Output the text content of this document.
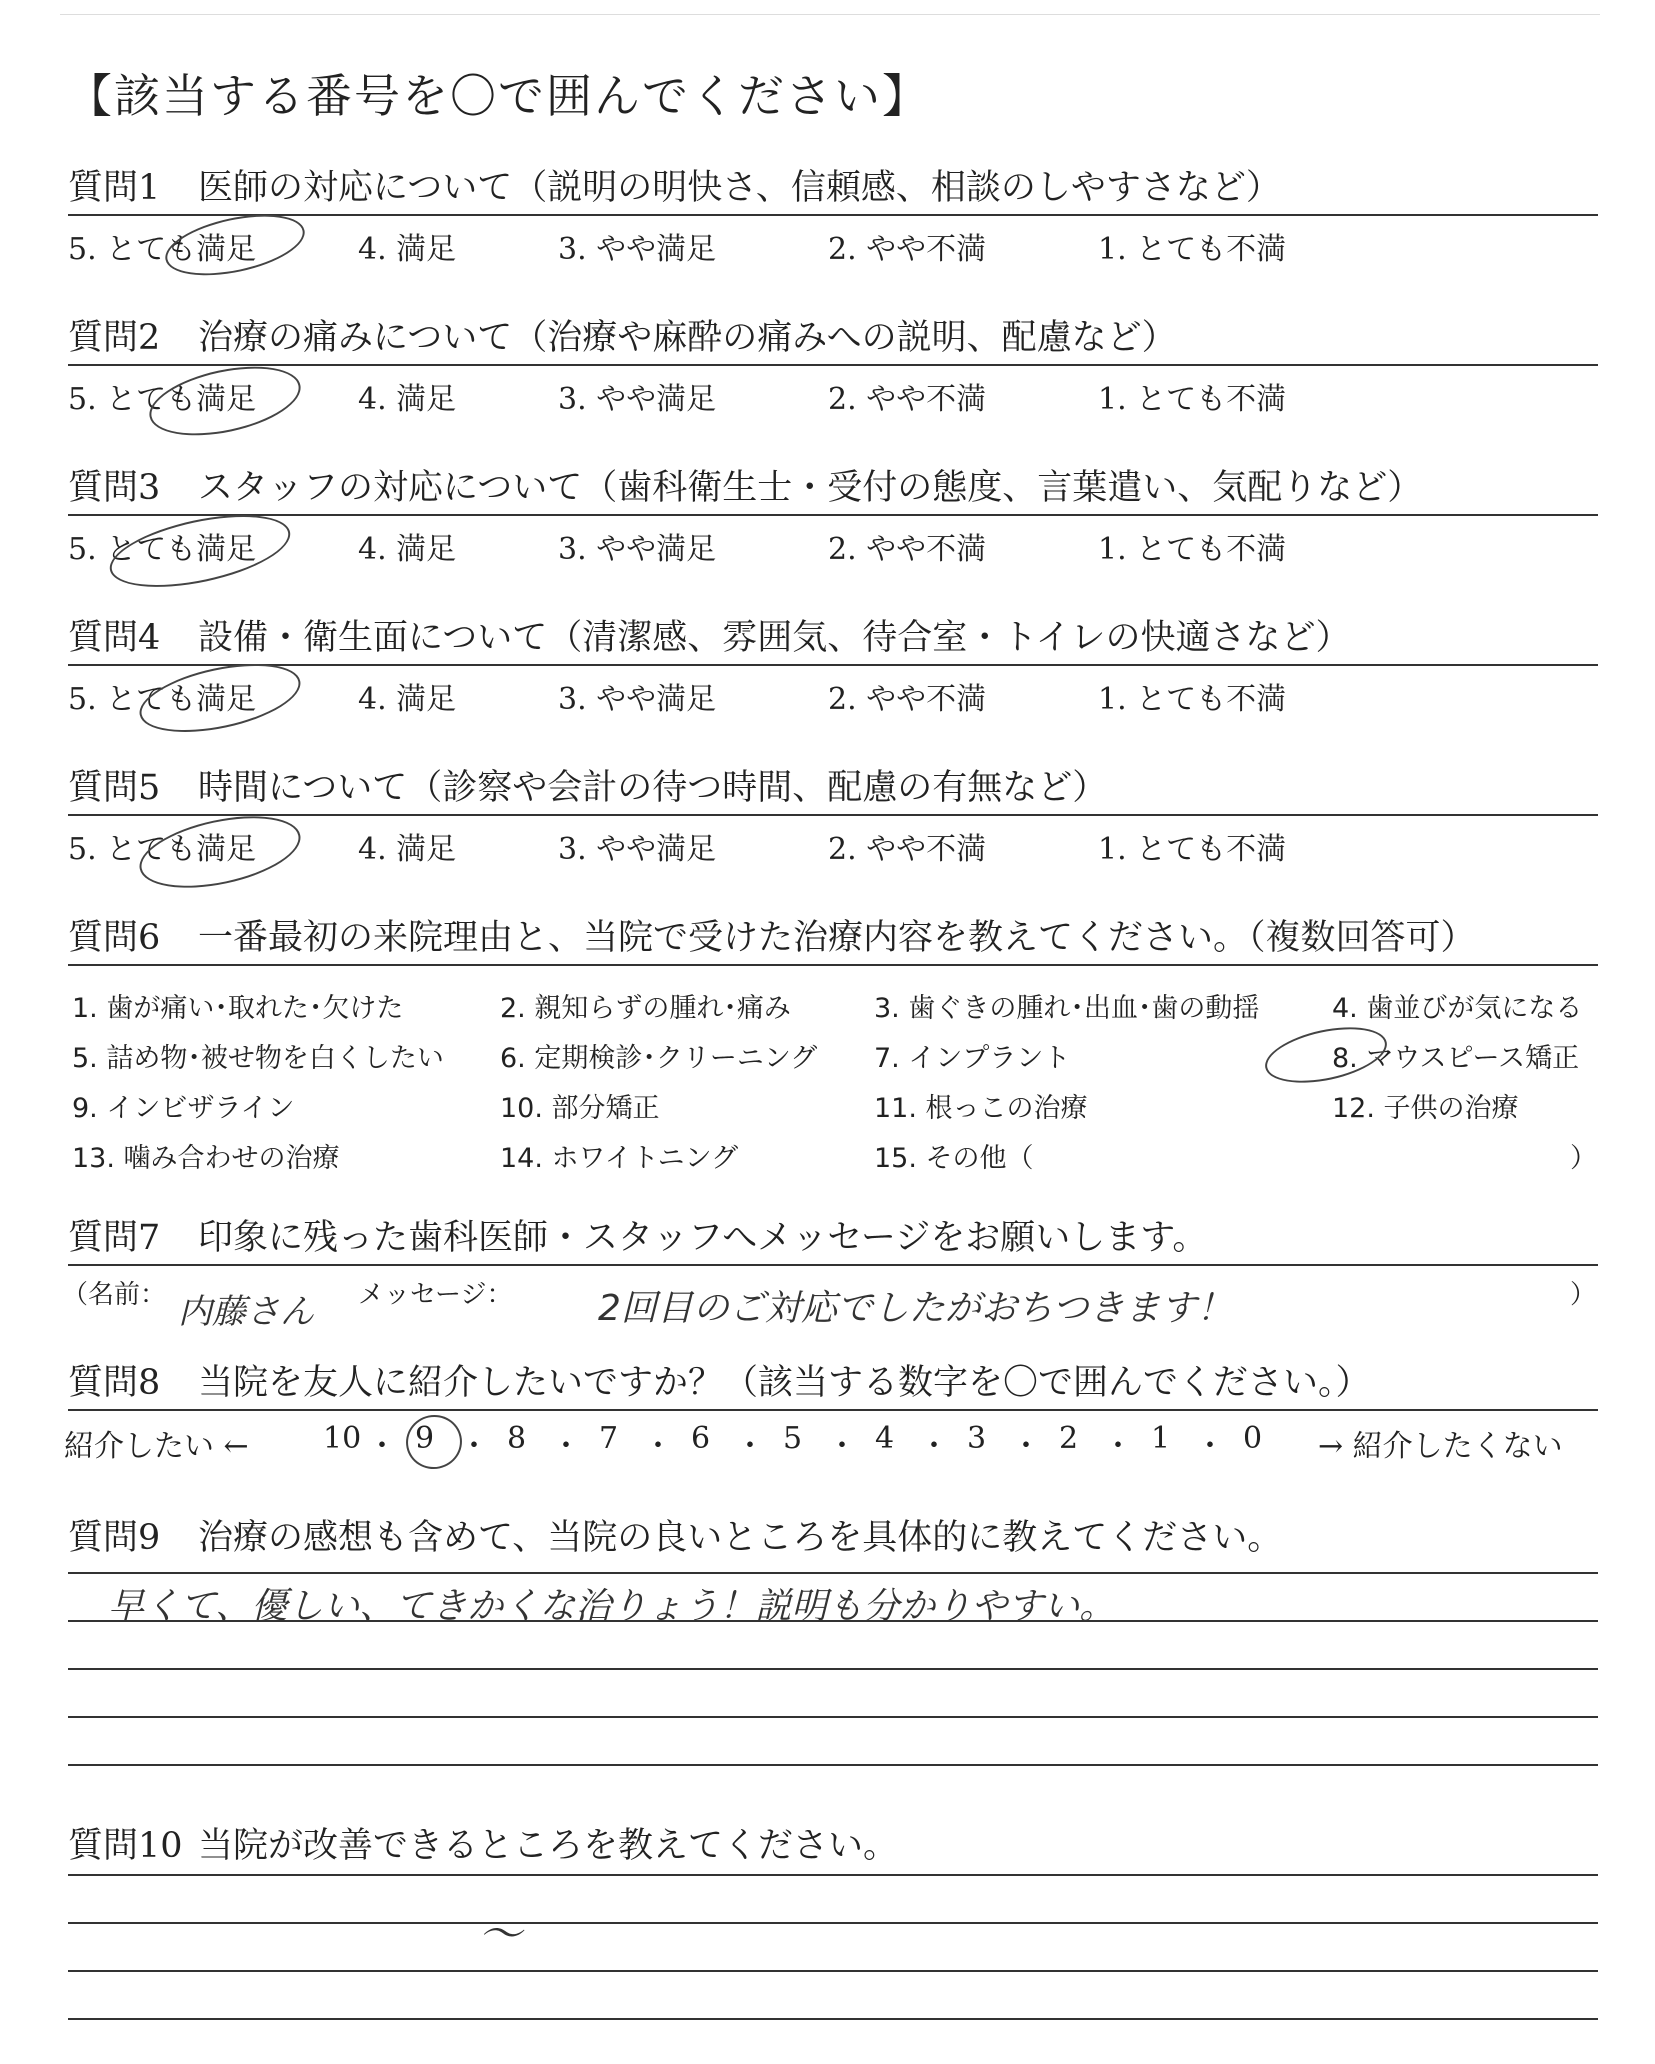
【該当する番号を〇で囲んでください】
質問1 医師の対応について（説明の明快さ、信頼感、相談のしやすさなど）
5. とても満足	4. 満足	3. やや満足	2. やや不満	1. とても不満
質問2 治療の痛みについて（治療や麻酔の痛みへの説明、配慮など）
5. とても満足	4. 満足	3. やや満足	2. やや不満	1. とても不満
質問3 スタッフの対応について（歯科衛生士・受付の態度、言葉遣い、気配りなど）
5. とても満足	4. 満足	3. やや満足	2. やや不満	1. とても不満
質問4 設備・衛生面について（清潔感、雰囲気、待合室・トイレの快適さなど）
5. とても満足	4. 満足	3. やや満足	2. やや不満	1. とても不満
質問5 時間について（診察や会計の待つ時間、配慮の有無など）
5. とても満足	4. 満足	3. やや満足	2. やや不満	1. とても不満
質問6 一番最初の来院理由と、当院で受けた治療内容を教えてください。（複数回答可）
1. 歯が痛い･取れた･欠けた	2. 親知らずの腫れ･痛み	3. 歯ぐきの腫れ･出血･歯の動揺	4. 歯並びが気になる
5. 詰め物･被せ物を白くしたい 6. 定期検診･クリーニング 7. インプラント	8. マウスピース矯正
9. インビザライン	10. 部分矯正	11. 根っこの治療	12. 子供の治療
13. 噛み合わせの治療	14. ホワイトニング	15. その他（	）
質問7 印象に残った歯科医師・スタッフへメッセージをお願いします。
（名前： 内藤さん メッセージ： 2回目のご対応でしたがおちつきます！	）
質問8 当院を友人に紹介したいですか？（該当する数字を〇で囲んでください。）
紹介したい ←	→ 紹介したくない
10 ・ 9 ・ 8 ・ 7 ・ 6 ・ 5 ・ 4 ・ 3 ・ 2 ・ 1 ・ 0
質問9 治療の感想も含めて、当院の良いところを具体的に教えてください。
早くて、優しい、てきかくな治りょう！説明も分かりやすい。
質問10 当院が改善できるところを教えてください。
～
